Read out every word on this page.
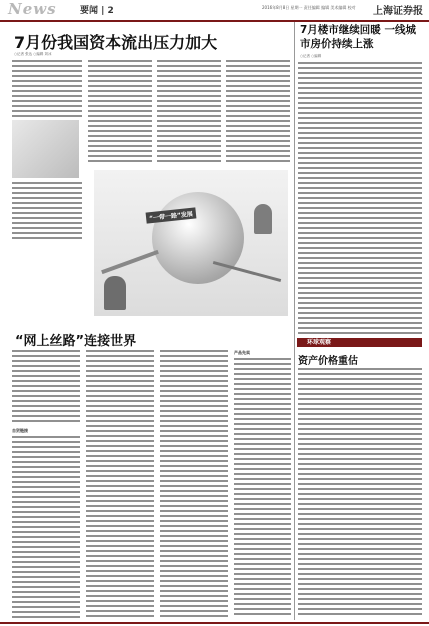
News	要闻 | 2	2016年8月8日 星期一 责任编辑 编辑 美术编辑 校对 上海证券报
7月份我国资本流出压力加大
○记者 张达 ○编辑 刘冰
“一带一路”发展
“网上丝路”连接世界
自贸链接
产品先卖
7月楼市继续回暖 一线城市房价持续上涨
○记者 ○编辑
环球观察
资产价格重估
